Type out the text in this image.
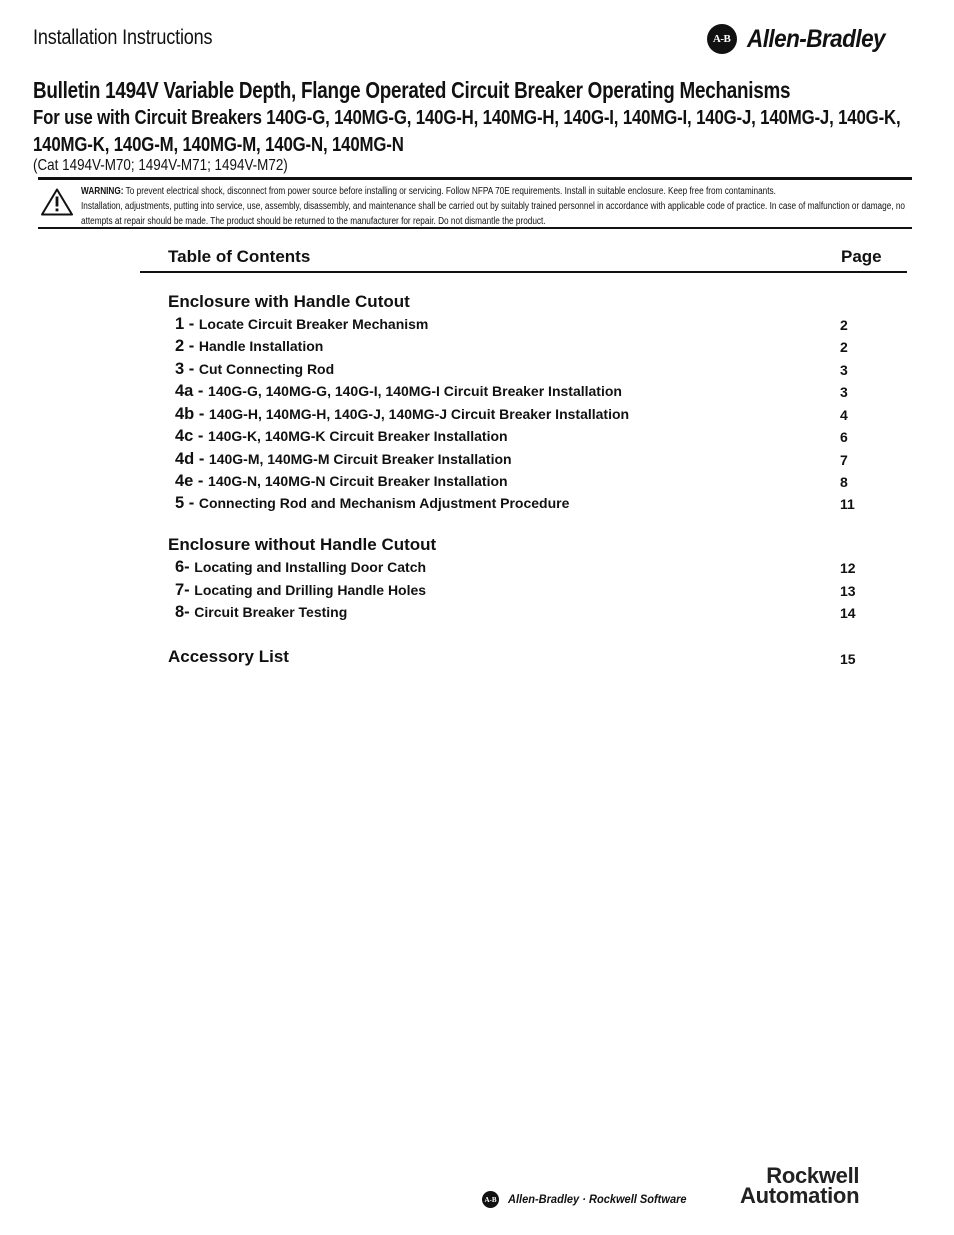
Installation Instructions	A-B Allen-Bradley
Bulletin 1494V Variable Depth, Flange Operated Circuit Breaker Operating Mechanisms
For use with Circuit Breakers 140G-G, 140MG-G, 140G-H, 140MG-H, 140G-I, 140MG-I, 140G-J, 140MG-J, 140G-K, 140MG-K, 140G-M, 140MG-M, 140G-N, 140MG-N
(Cat 1494V-M70; 1494V-M71; 1494V-M72)
WARNING: To prevent electrical shock, disconnect from power source before installing or servicing. Follow NFPA 70E requirements. Install in suitable enclosure. Keep free from contaminants.
Installation, adjustments, putting into service, use, assembly, disassembly, and maintenance shall be carried out by suitably trained personnel in accordance with applicable code of practice. In case of malfunction or damage, no attempts at repair should be made. The product should be returned to the manufacturer for repair. Do not dismantle the product.
Table of Contents	Page
Enclosure with Handle Cutout
1 - Locate Circuit Breaker Mechanism	2
2 - Handle Installation	2
3 - Cut Connecting Rod	3
4a - 140G-G, 140MG-G, 140G-I, 140MG-I Circuit Breaker Installation	3
4b - 140G-H, 140MG-H, 140G-J, 140MG-J Circuit Breaker Installation	4
4c - 140G-K, 140MG-K Circuit Breaker Installation	6
4d - 140G-M, 140MG-M Circuit Breaker Installation	7
4e - 140G-N, 140MG-N Circuit Breaker Installation	8
5 - Connecting Rod and Mechanism Adjustment Procedure	11
Enclosure without Handle Cutout
6- Locating and Installing Door Catch	12
7- Locating and Drilling Handle Holes	13
8- Circuit Breaker Testing	14
Accessory List	15
A-B Allen-Bradley · Rockwell Software
Rockwell
Automation
